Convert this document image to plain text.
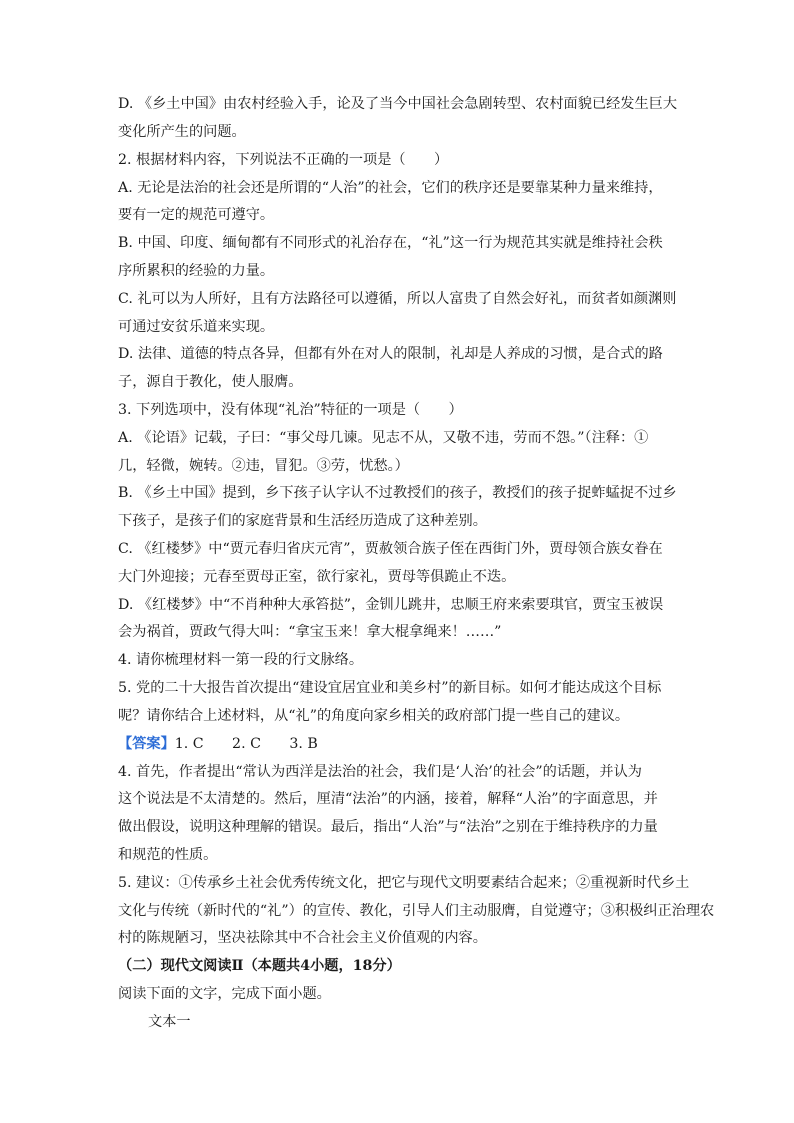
D. 《乡土中国》由农村经验入手，论及了当今中国社会急剧转型、农村面貌已经发生巨大
变化所产生的问题。
2. 根据材料内容，下列说法不正确的一项是（　　）
A. 无论是法治的社会还是所谓的“人治”的社会，它们的秩序还是要靠某种力量来维持，
要有一定的规范可遵守。
B. 中国、印度、缅甸都有不同形式的礼治存在，“礼”这一行为规范其实就是维持社会秩
序所累积的经验的力量。
C. 礼可以为人所好，且有方法路径可以遵循，所以人富贵了自然会好礼，而贫者如颜渊则
可通过安贫乐道来实现。
D. 法律、道德的特点各异，但都有外在对人的限制，礼却是人养成的习惯，是合式的路
子，源自于教化，使人服膺。
3. 下列选项中，没有体现“礼治”特征的一项是（　　）
A. 《论语》记载，子曰：“事父母几谏。见志不从，又敬不违，劳而不怨。”（注释：①
几，轻微，婉转。②违，冒犯。③劳，忧愁。）
B. 《乡土中国》提到，乡下孩子认字认不过教授们的孩子，教授们的孩子捉蚱蜢捉不过乡
下孩子，是孩子们的家庭背景和生活经历造成了这种差别。
C. 《红楼梦》中“贾元春归省庆元宵”，贾赦领合族子侄在西街门外，贾母领合族女眷在
大门外迎接；元春至贾母正室，欲行家礼，贾母等俱跪止不迭。
D. 《红楼梦》中“不肖种种大承笞挞”，金钏儿跳井，忠顺王府来索要琪官，贾宝玉被误
会为祸首，贾政气得大叫：“拿宝玉来！拿大棍拿绳来！……”
4. 请你梳理材料一第一段的行文脉络。
5. 党的二十大报告首次提出“建设宜居宜业和美乡村”的新目标。如何才能达成这个目标
呢？请你结合上述材料，从“礼”的角度向家乡相关的政府部门提一些自己的建议。
【答案】1. C　　2. C　　3. B
4. 首先，作者提出“常认为西洋是法治的社会，我们是‘人治’的社会”的话题，并认为
这个说法是不太清楚的。然后，厘清“法治”的内涵，接着，解释“人治”的字面意思，并
做出假设，说明这种理解的错误。最后，指出“人治”与“法治”之别在于维持秩序的力量
和规范的性质。
5. 建议：①传承乡土社会优秀传统文化，把它与现代文明要素结合起来；②重视新时代乡土
文化与传统（新时代的“礼”）的宣传、教化，引导人们主动服膺，自觉遵守；③积极纠正治理农
村的陈规陋习，坚决祛除其中不合社会主义价值观的内容。
（二）现代文阅读Ⅱ（本题共4小题，18分）
阅读下面的文字，完成下面小题。
文本一
